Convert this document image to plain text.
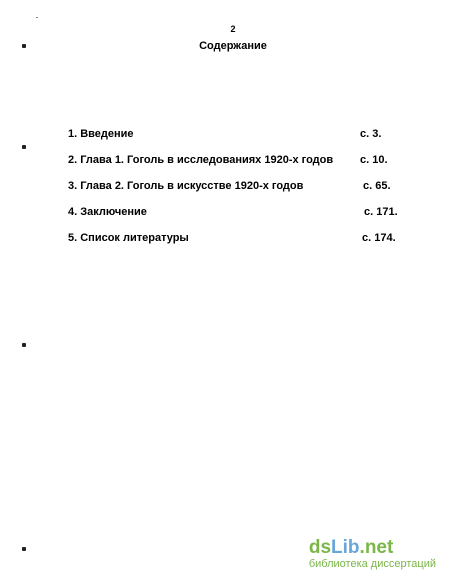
2
Содержание
1. Введение	с. 3.
2. Глава 1. Гоголь в исследованиях 1920-х годов с. 10.
3. Глава 2. Гоголь в искусстве 1920-х годов	с. 65.
4. Заключение	с. 171.
5. Список литературы	с. 174.
dsLib.net
библиотека диссертаций
